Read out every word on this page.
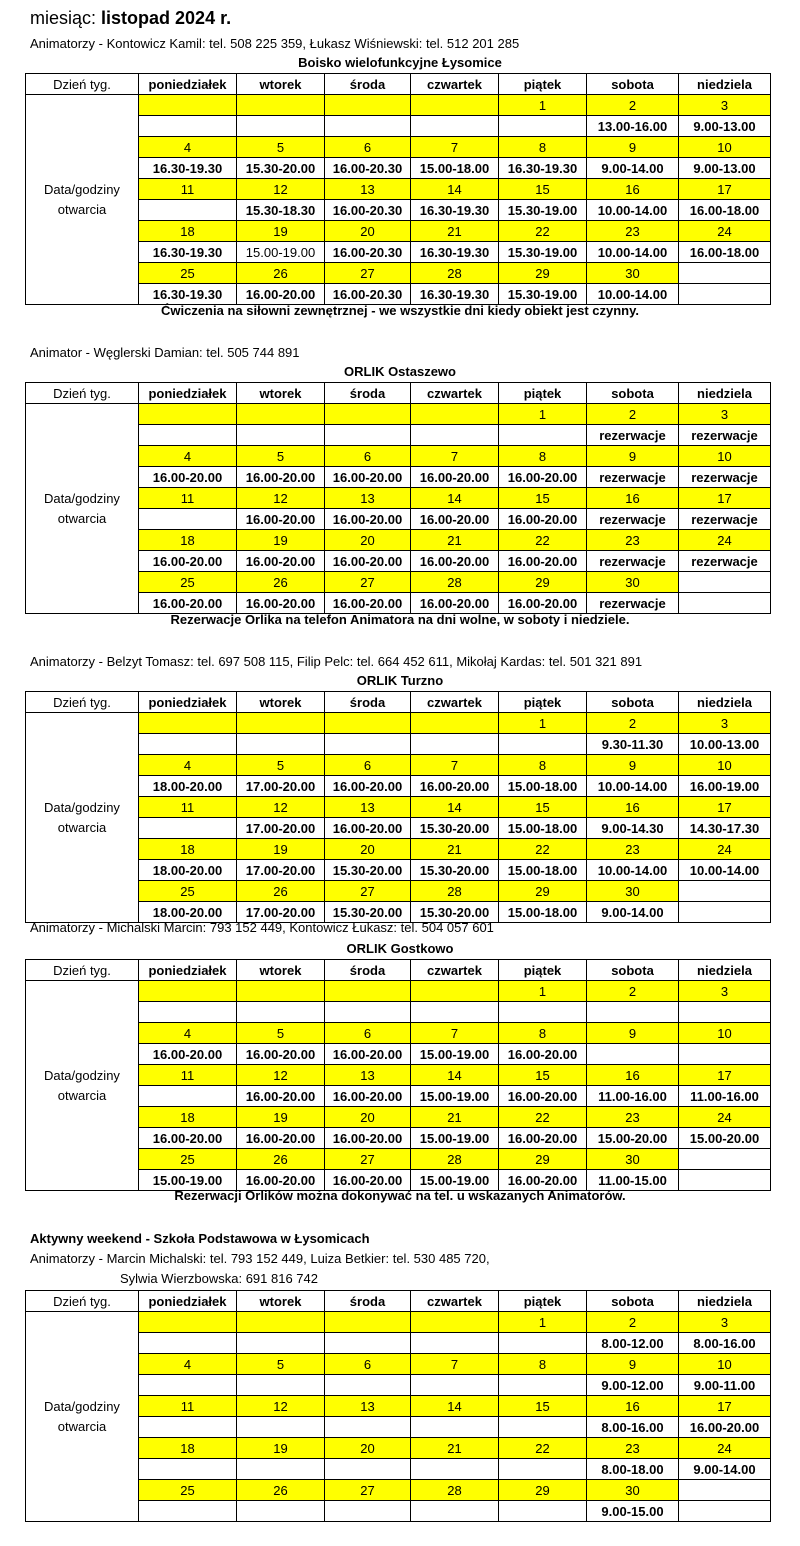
miesiąc: listopad 2024 r.
Animatorzy - Kontowicz Kamil: tel. 508 225 359, Łukasz Wiśniewski: tel. 512 201 285
Boisko wielofunkcyjne Łysomice
Dzień tyg.	poniedziałek	wtorek	środa	czwartek	piątek	sobota	niedziela
Data/godziny otwarcia					1	2	3
						13.00-16.00	9.00-13.00
	4	5	6	7	8	9	10
	16.30-19.30	15.30-20.00	16.00-20.30	15.00-18.00	16.30-19.30	9.00-14.00	9.00-13.00
	11	12	13	14	15	16	17
		15.30-18.30	16.00-20.30	16.30-19.30	15.30-19.00	10.00-14.00	16.00-18.00
	18	19	20	21	22	23	24
	16.30-19.30	15.00-19.00	16.00-20.30	16.30-19.30	15.30-19.00	10.00-14.00	16.00-18.00
	25	26	27	28	29	30	
	16.30-19.30	16.00-20.00	16.00-20.30	16.30-19.30	15.30-19.00	10.00-14.00	
Ćwiczenia na siłowni zewnętrznej - we wszystkie dni kiedy obiekt jest czynny.
Animator - Węglerski Damian: tel. 505 744 891
ORLIK Ostaszewo
Dzień tyg.	poniedziałek	wtorek	środa	czwartek	piątek	sobota	niedziela
Data/godziny otwarcia					1	2	3
						rezerwacje	rezerwacje
	4	5	6	7	8	9	10
	16.00-20.00	16.00-20.00	16.00-20.00	16.00-20.00	16.00-20.00	rezerwacje	rezerwacje
	11	12	13	14	15	16	17
		16.00-20.00	16.00-20.00	16.00-20.00	16.00-20.00	rezerwacje	rezerwacje
	18	19	20	21	22	23	24
	16.00-20.00	16.00-20.00	16.00-20.00	16.00-20.00	16.00-20.00	rezerwacje	rezerwacje
	25	26	27	28	29	30	
	16.00-20.00	16.00-20.00	16.00-20.00	16.00-20.00	16.00-20.00	rezerwacje	
Rezerwacje Orlika na telefon Animatora na dni wolne, w soboty i niedziele.
Animatorzy - Belzyt Tomasz: tel. 697 508 115, Filip Pelc: tel. 664 452 611, Mikołaj Kardas: tel. 501 321 891
ORLIK Turzno
Dzień tyg.	poniedziałek	wtorek	środa	czwartek	piątek	sobota	niedziela
Data/godziny otwarcia					1	2	3
						9.30-11.30	10.00-13.00
	4	5	6	7	8	9	10
	18.00-20.00	17.00-20.00	16.00-20.00	16.00-20.00	15.00-18.00	10.00-14.00	16.00-19.00
	11	12	13	14	15	16	17
		17.00-20.00	16.00-20.00	15.30-20.00	15.00-18.00	9.00-14.30	14.30-17.30
	18	19	20	21	22	23	24
	18.00-20.00	17.00-20.00	15.30-20.00	15.30-20.00	15.00-18.00	10.00-14.00	10.00-14.00
	25	26	27	28	29	30	
	18.00-20.00	17.00-20.00	15.30-20.00	15.30-20.00	15.00-18.00	9.00-14.00	
Animatorzy - Michalski Marcin: 793 152 449, Kontowicz Łukasz: tel. 504 057 601
ORLIK Gostkowo
Dzień tyg.	poniedziałek	wtorek	środa	czwartek	piątek	sobota	niedziela
Data/godziny otwarcia					1	2	3

	4	5	6	7	8	9	10
	16.00-20.00	16.00-20.00	16.00-20.00	15.00-19.00	16.00-20.00		
	11	12	13	14	15	16	17
		16.00-20.00	16.00-20.00	15.00-19.00	16.00-20.00	11.00-16.00	11.00-16.00
	18	19	20	21	22	23	24
	16.00-20.00	16.00-20.00	16.00-20.00	15.00-19.00	16.00-20.00	15.00-20.00	15.00-20.00
	25	26	27	28	29	30	
	15.00-19.00	16.00-20.00	16.00-20.00	15.00-19.00	16.00-20.00	11.00-15.00	
Rezerwacji Orlików można dokonywać na tel. u wskazanych Animatorów.
Aktywny weekend - Szkoła Podstawowa w Łysomicach
Animatorzy - Marcin Michalski: tel. 793 152 449, Luiza Betkier: tel. 530 485 720,
Sylwia Wierzbowska: 691 816 742
Dzień tyg.	poniedziałek	wtorek	środa	czwartek	piątek	sobota	niedziela
Data/godziny otwarcia					1	2	3
						8.00-12.00	8.00-16.00
	4	5	6	7	8	9	10
						9.00-12.00	9.00-11.00
	11	12	13	14	15	16	17
						8.00-16.00	16.00-20.00
	18	19	20	21	22	23	24
						8.00-18.00	9.00-14.00
	25	26	27	28	29	30	
						9.00-15.00	
